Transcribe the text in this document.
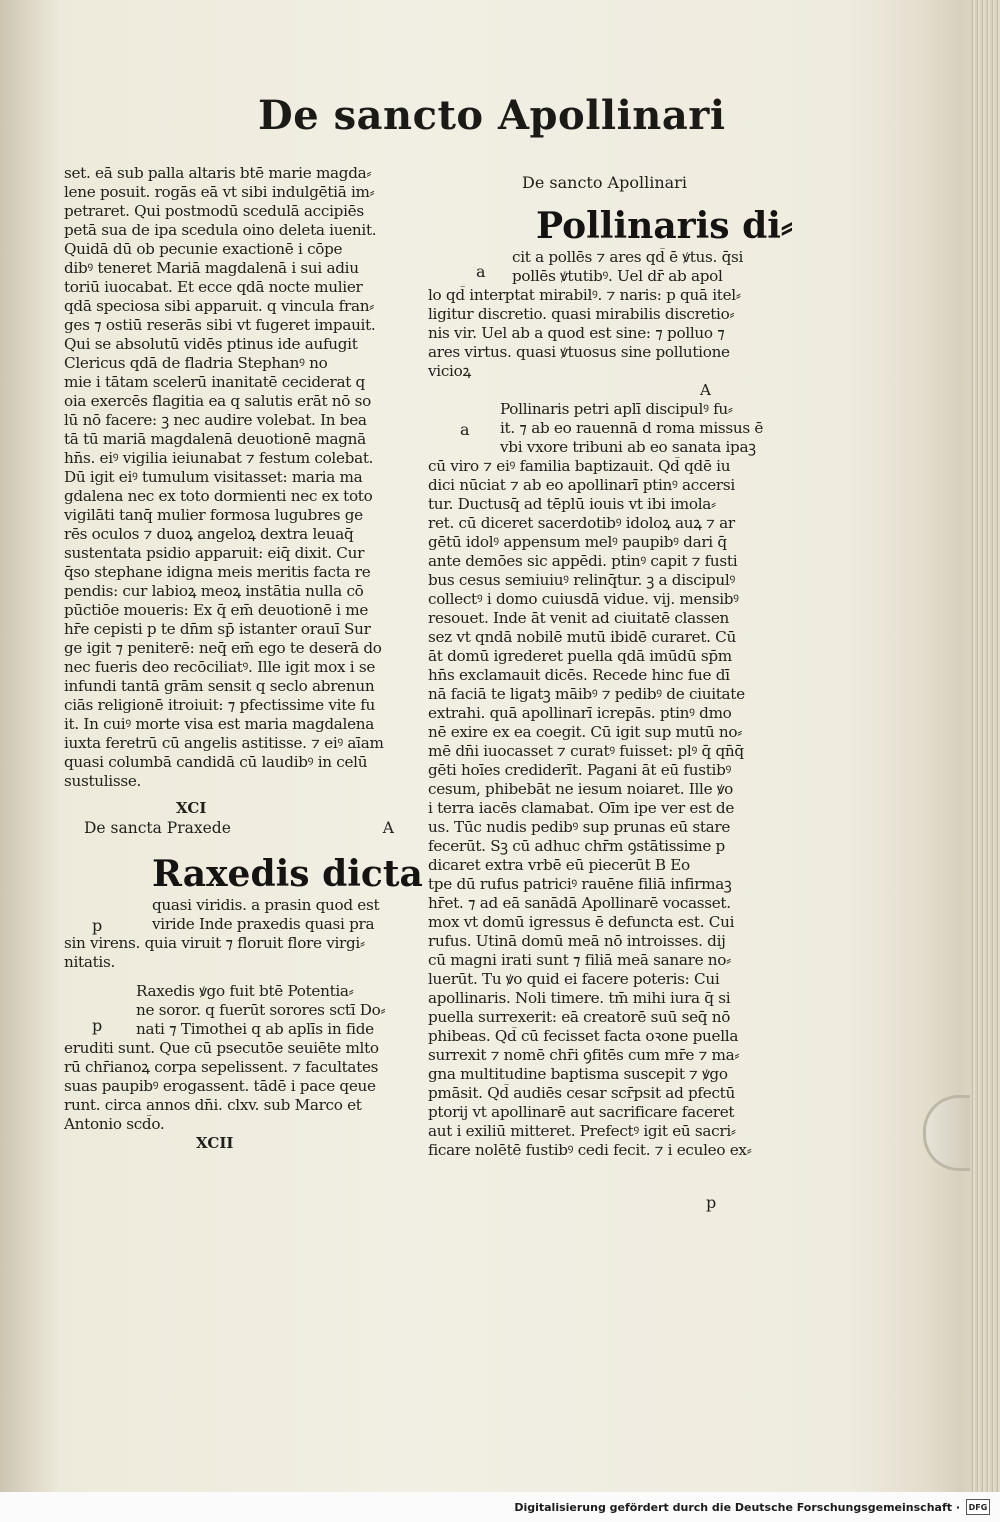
De sancto Apollinari
set. eā sub palla altaris btē marie magda⸗
lene posuit. rogās eā vt sibi indulgētiā im⸗
petraret. Qui postmodū scedulā accipiēs
petā sua de ipa scedula oino deleta iuenit.
Quidā dū ob pecunie exactionē i cōpe
dibꝰ teneret Mariā magdalenā i sui adiu
toriū iuocabat. Et ecce qdā nocte mulier
qdā speciosa sibi apparuit. q vincula fran⸗
ges ⁊ ostiū reserās sibi vt fugeret impauit.
Qui se absolutū vidēs ptinus ide aufugit
Clericus qdā de fladria Stephanꝰ no
mie i tātam scelerū inanitatē ceciderat q
oia exercēs flagitia ea q salutis erāt nō so
lū nō facere: ꝫ nec audire volebat. In bea
tā tū mariā magdalenā deuotionē magnā
hn̄s. eiꝰ vigilia ieiunabat ⁊ festum colebat.
Dū igit eiꝰ tumulum visitasset: maria ma
gdalena nec ex toto dormienti nec ex toto
vigilāti tanq̄ mulier formosa lugubres ge
rēs oculos ⁊ duoꝝ angeloꝝ dextra leuaq̄
sustentata psidio apparuit: eiq̄ dixit. Cur
q̄so stephane idigna meis meritis facta re
pendis: cur labioꝝ meoꝝ instātia nulla cō
pūctiōe moueris: Ex q̄ em̄ deuotionē i me
hr̄e cepisti p te dn̄m sp̄ istanter orauī Sur
ge igit ⁊ peniterē: neq̄ em̄ ego te deserā do
nec fueris deo recōciliatꝰ. Ille igit mox i se
infundi tantā grām sensit q seclo abrenun
ciās religionē itroiuit: ⁊ pfectissime vite fu
it. In cuiꝰ morte visa est maria magdalena
iuxta feretrū cū angelis astitisse. ⁊ eiꝰ aīam
quasi columbā candidā cū laudibꝰ in celū
sustulisse.
XCI
De sancta Praxede	A
Raxedis dicta
quasi viridis. a prasin quod est
viride Inde praxedis quasi pra
sin virens. quia viruit ⁊ floruit flore virgi⸗
nitatis.
Raxedis ꝟgo fuit btē Potentia⸗
ne soror. q fuerūt sorores sctī Do⸗
nati ⁊ Timothei q ab aplīs in fide
eruditi sunt. Que cū psecutōe seuiēte mlto
rū chr̄ianoꝝ corpa sepelissent. ⁊ facultates
suas paupibꝰ erogassent. tādē i pace qeue
runt. circa annos dn̄i. clxv. sub Marco et
Antonio scd̄o.
XCII
p
p
De sancto Apollinari
Pollinaris di⸗
cit a pollēs ⁊ ares qd̄ ē ꝟtus. q̄si
pollēs ꝟtutibꝰ. Uel dr̄ ab apol
lo qd̄ interptat mirabilꝰ. ⁊ naris: p quā itel⸗
ligitur discretio. quasi mirabilis discretio⸗
nis vir. Uel ab a quod est sine: ⁊ polluo ⁊
ares virtus. quasi ꝟtuosus sine pollutione
vicioꝝ
A
Pollinaris petri aplī discipulꝰ fu⸗
it. ⁊ ab eo rauennā d roma missus ē
vbi vxore tribuni ab eo sanata ipaꝫ
cū viro ⁊ eiꝰ familia baptizauit. Qd̄ qdē iu
dici nūciat ⁊ ab eo apollinarī ptinꝰ accersi
tur. Ductusq̄ ad tēplū iouis vt ibi imola⸗
ret. cū diceret sacerdotibꝰ idoloꝝ auꝝ ⁊ ar
gētū idolꝰ appensum melꝰ paupibꝰ dari q̄
ante demōes sic appēdi. ptinꝰ capit ⁊ fusti
bus cesus semiuiuꝰ relinq̄tur. ꝫ a discipulꝰ
collectꝰ i domo cuiusdā vidue. vij. mensibꝰ
resouet. Inde āt venit ad ciuitatē classen
sez vt qndā nobilē mutū ibidē curaret. Cū
āt domū igrederet puella qdā imūdū sp̄m
hn̄s exclamauit dicēs. Recede hinc fue dī
nā faciā te ligatꝫ māibꝰ ⁊ pedibꝰ de ciuitate
extrahi. quā apollinarī icrepās. ptinꝰ dmo
nē exire ex ea coegit. Cū igit sup mutū no⸗
mē dn̄i iuocasset ⁊ curatꝰ fuisset: plꝰ q̄ qn̄q̄
gēti hoīes crediderīt. Pagani āt eū fustibꝰ
cesum, phibebāt ne iesum noiaret. Ille ꝟo
i terra iacēs clamabat. Oīm ipe ver est de
us. Tūc nudis pedibꝰ sup prunas eū stare
fecerūt. Sꝫ cū adhuc chr̄m ꝯstātissime p
dicaret extra vrbē eū piecerūt B Eo
tpe dū rufus patriciꝰ rauēne filiā infirmaꝫ
hr̄et. ⁊ ad eā sanādā Apollinarē vocasset.
mox vt domū igressus ē defuncta est. Cui
rufus. Utinā domū meā nō introisses. dij
cū magni irati sunt ⁊ filiā meā sanare no⸗
luerūt. Tu ꝟo quid ei facere poteris: Cui
apollinaris. Noli timere. tm̄ mihi iura q̄ si
puella surrexerit: eā creatorē suū seq̄ nō
phibeas. Qd̄ cū fecisset facta oꝛone puella
surrexit ⁊ nomē chr̄i ꝯfitēs cum mr̄e ⁊ ma⸗
gna multitudine baptisma suscepit ⁊ ꝟgo
pmāsit. Qd̄ audiēs cesar scr̄psit ad pfectū
ptorij vt apollinarē aut sacrificare faceret
aut i exiliū mitteret. Prefectꝰ igit eū sacri⸗
ficare nolētē fustibꝰ cedi fecit. ⁊ i eculeo ex⸗
a
a
p
Digitalisierung gefördert durch die Deutsche Forschungsgemeinschaft ·	DFG
